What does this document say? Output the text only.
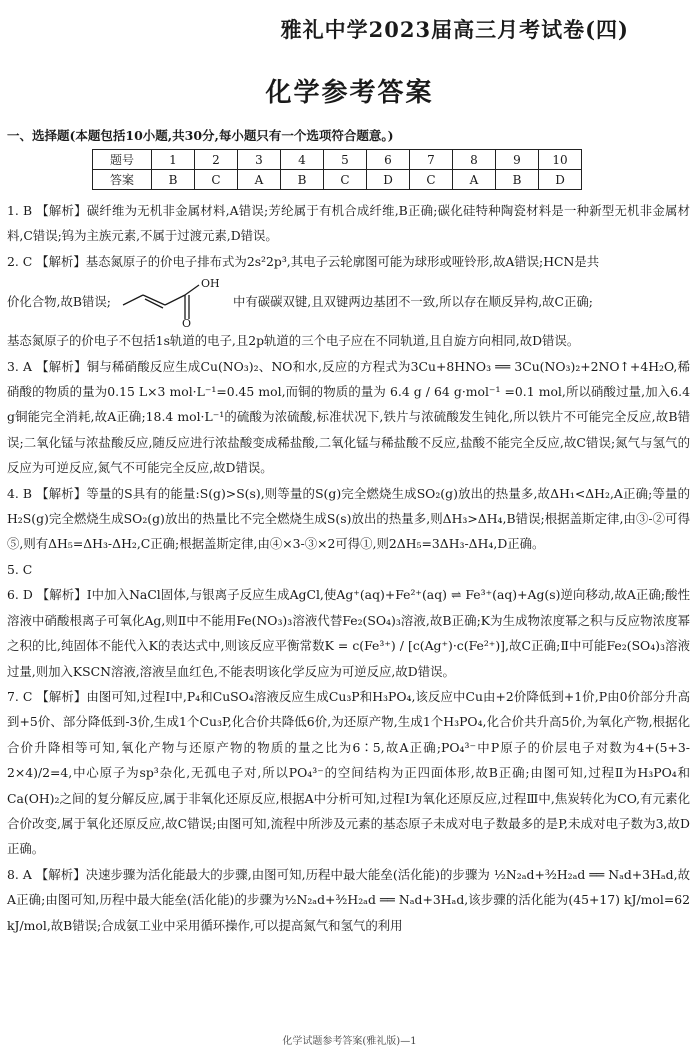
雅礼中学2023届高三月考试卷(四)
化学参考答案
一、选择题(本题包括10小题,共30分,每小题只有一个选项符合题意。)
题号	1	2	3	4	5	6	7	8	9	10
答案	B	C	A	B	C	D	C	A	B	D

1. B 【解析】碳纤维为无机非金属材料,A错误;芳纶属于有机合成纤维,B正确;碳化硅特种陶瓷材料是一种新型无机非金属材料,C错误;钨为主族元素,不属于过渡元素,D错误。

2. C 【解析】基态氮原子的价电子排布式为2s²2p³,其电子云轮廓图可能为球形或哑铃形,故A错误;HCN是共

价化合物,故B错误;
OH
O
中有碳碳双键,且双键两边基团不一致,所以存在顺反异构,故C正确;

基态氮原子的价电子不包括1s轨道的电子,且2p轨道的三个电子应在不同轨道,且自旋方向相同,故D错误。

3. A 【解析】铜与稀硝酸反应生成Cu(NO₃)₂、NO和水,反应的方程式为3Cu+8HNO₃ ══ 3Cu(NO₃)₂+2NO↑+4H₂O,稀硝酸的物质的量为0.15 L×3 mol·L⁻¹=0.45 mol,而铜的物质的量为 6.4 g / 64 g·mol⁻¹ =0.1 mol,所以硝酸过量,加入6.4 g铜能完全消耗,故A正确;18.4 mol·L⁻¹的硫酸为浓硫酸,标准状况下,铁片与浓硫酸发生钝化,所以铁片不可能完全反应,故B错误;二氧化锰与浓盐酸反应,随反应进行浓盐酸变成稀盐酸,二氧化锰与稀盐酸不反应,盐酸不能完全反应,故C错误;氮气与氢气的反应为可逆反应,氮气不可能完全反应,故D错误。

4. B 【解析】等量的S具有的能量:S(g)>S(s),则等量的S(g)完全燃烧生成SO₂(g)放出的热量多,故ΔH₁<ΔH₂,A正确;等量的H₂S(g)完全燃烧生成SO₂(g)放出的热量比不完全燃烧生成S(s)放出的热量多,则ΔH₃>ΔH₄,B错误;根据盖斯定律,由③-②可得⑤,则有ΔH₅=ΔH₃-ΔH₂,C正确;根据盖斯定律,由④×3-③×2可得①,则2ΔH₅=3ΔH₃-ΔH₄,D正确。

5. C

6. D 【解析】Ⅰ中加入NaCl固体,与银离子反应生成AgCl,使Ag⁺(aq)+Fe²⁺(aq) ⇌ Fe³⁺(aq)+Ag(s)逆向移动,故A正确;酸性溶液中硝酸根离子可氧化Ag,则Ⅱ中不能用Fe(NO₃)₃溶液代替Fe₂(SO₄)₃溶液,故B正确;K为生成物浓度幂之积与反应物浓度幂之积的比,纯固体不能代入K的表达式中,则该反应平衡常数K = c(Fe³⁺) / [c(Ag⁺)·c(Fe²⁺)],故C正确;Ⅱ中可能Fe₂(SO₄)₃溶液过量,则加入KSCN溶液,溶液呈血红色,不能表明该化学反应为可逆反应,故D错误。

7. C 【解析】由图可知,过程Ⅰ中,P₄和CuSO₄溶液反应生成Cu₃P和H₃PO₄,该反应中Cu由+2价降低到+1价,P由0价部分升高到+5价、部分降低到-3价,生成1个Cu₃P,化合价共降低6价,为还原产物,生成1个H₃PO₄,化合价共升高5价,为氧化产物,根据化合价升降相等可知,氧化产物与还原产物的物质的量之比为6∶5,故A正确;PO₄³⁻中P原子的价层电子对数为4+(5+3-2×4)/2=4,中心原子为sp³杂化,无孤电子对,所以PO₄³⁻的空间结构为正四面体形,故B正确;由图可知,过程Ⅱ为H₃PO₄和Ca(OH)₂之间的复分解反应,属于非氧化还原反应,根据A中分析可知,过程Ⅰ为氧化还原反应,过程Ⅲ中,焦炭转化为CO,有元素化合价改变,属于氧化还原反应,故C错误;由图可知,流程中所涉及元素的基态原子未成对电子数最多的是P,未成对电子数为3,故D正确。

8. A 【解析】决速步骤为活化能最大的步骤,由图可知,历程中最大能垒(活化能)的步骤为 ½N₂ₐd+³⁄₂H₂ₐd ══ Nₐd+3Hₐd,故A正确;由图可知,历程中最大能垒(活化能)的步骤为½N₂ₐd+³⁄₂H₂ₐd ══ Nₐd+3Hₐd,该步骤的活化能为(45+17) kJ/mol=62 kJ/mol,故B错误;合成氨工业中采用循环操作,可以提高氮气和氢气的利用

化学试题参考答案(雅礼版)—1
